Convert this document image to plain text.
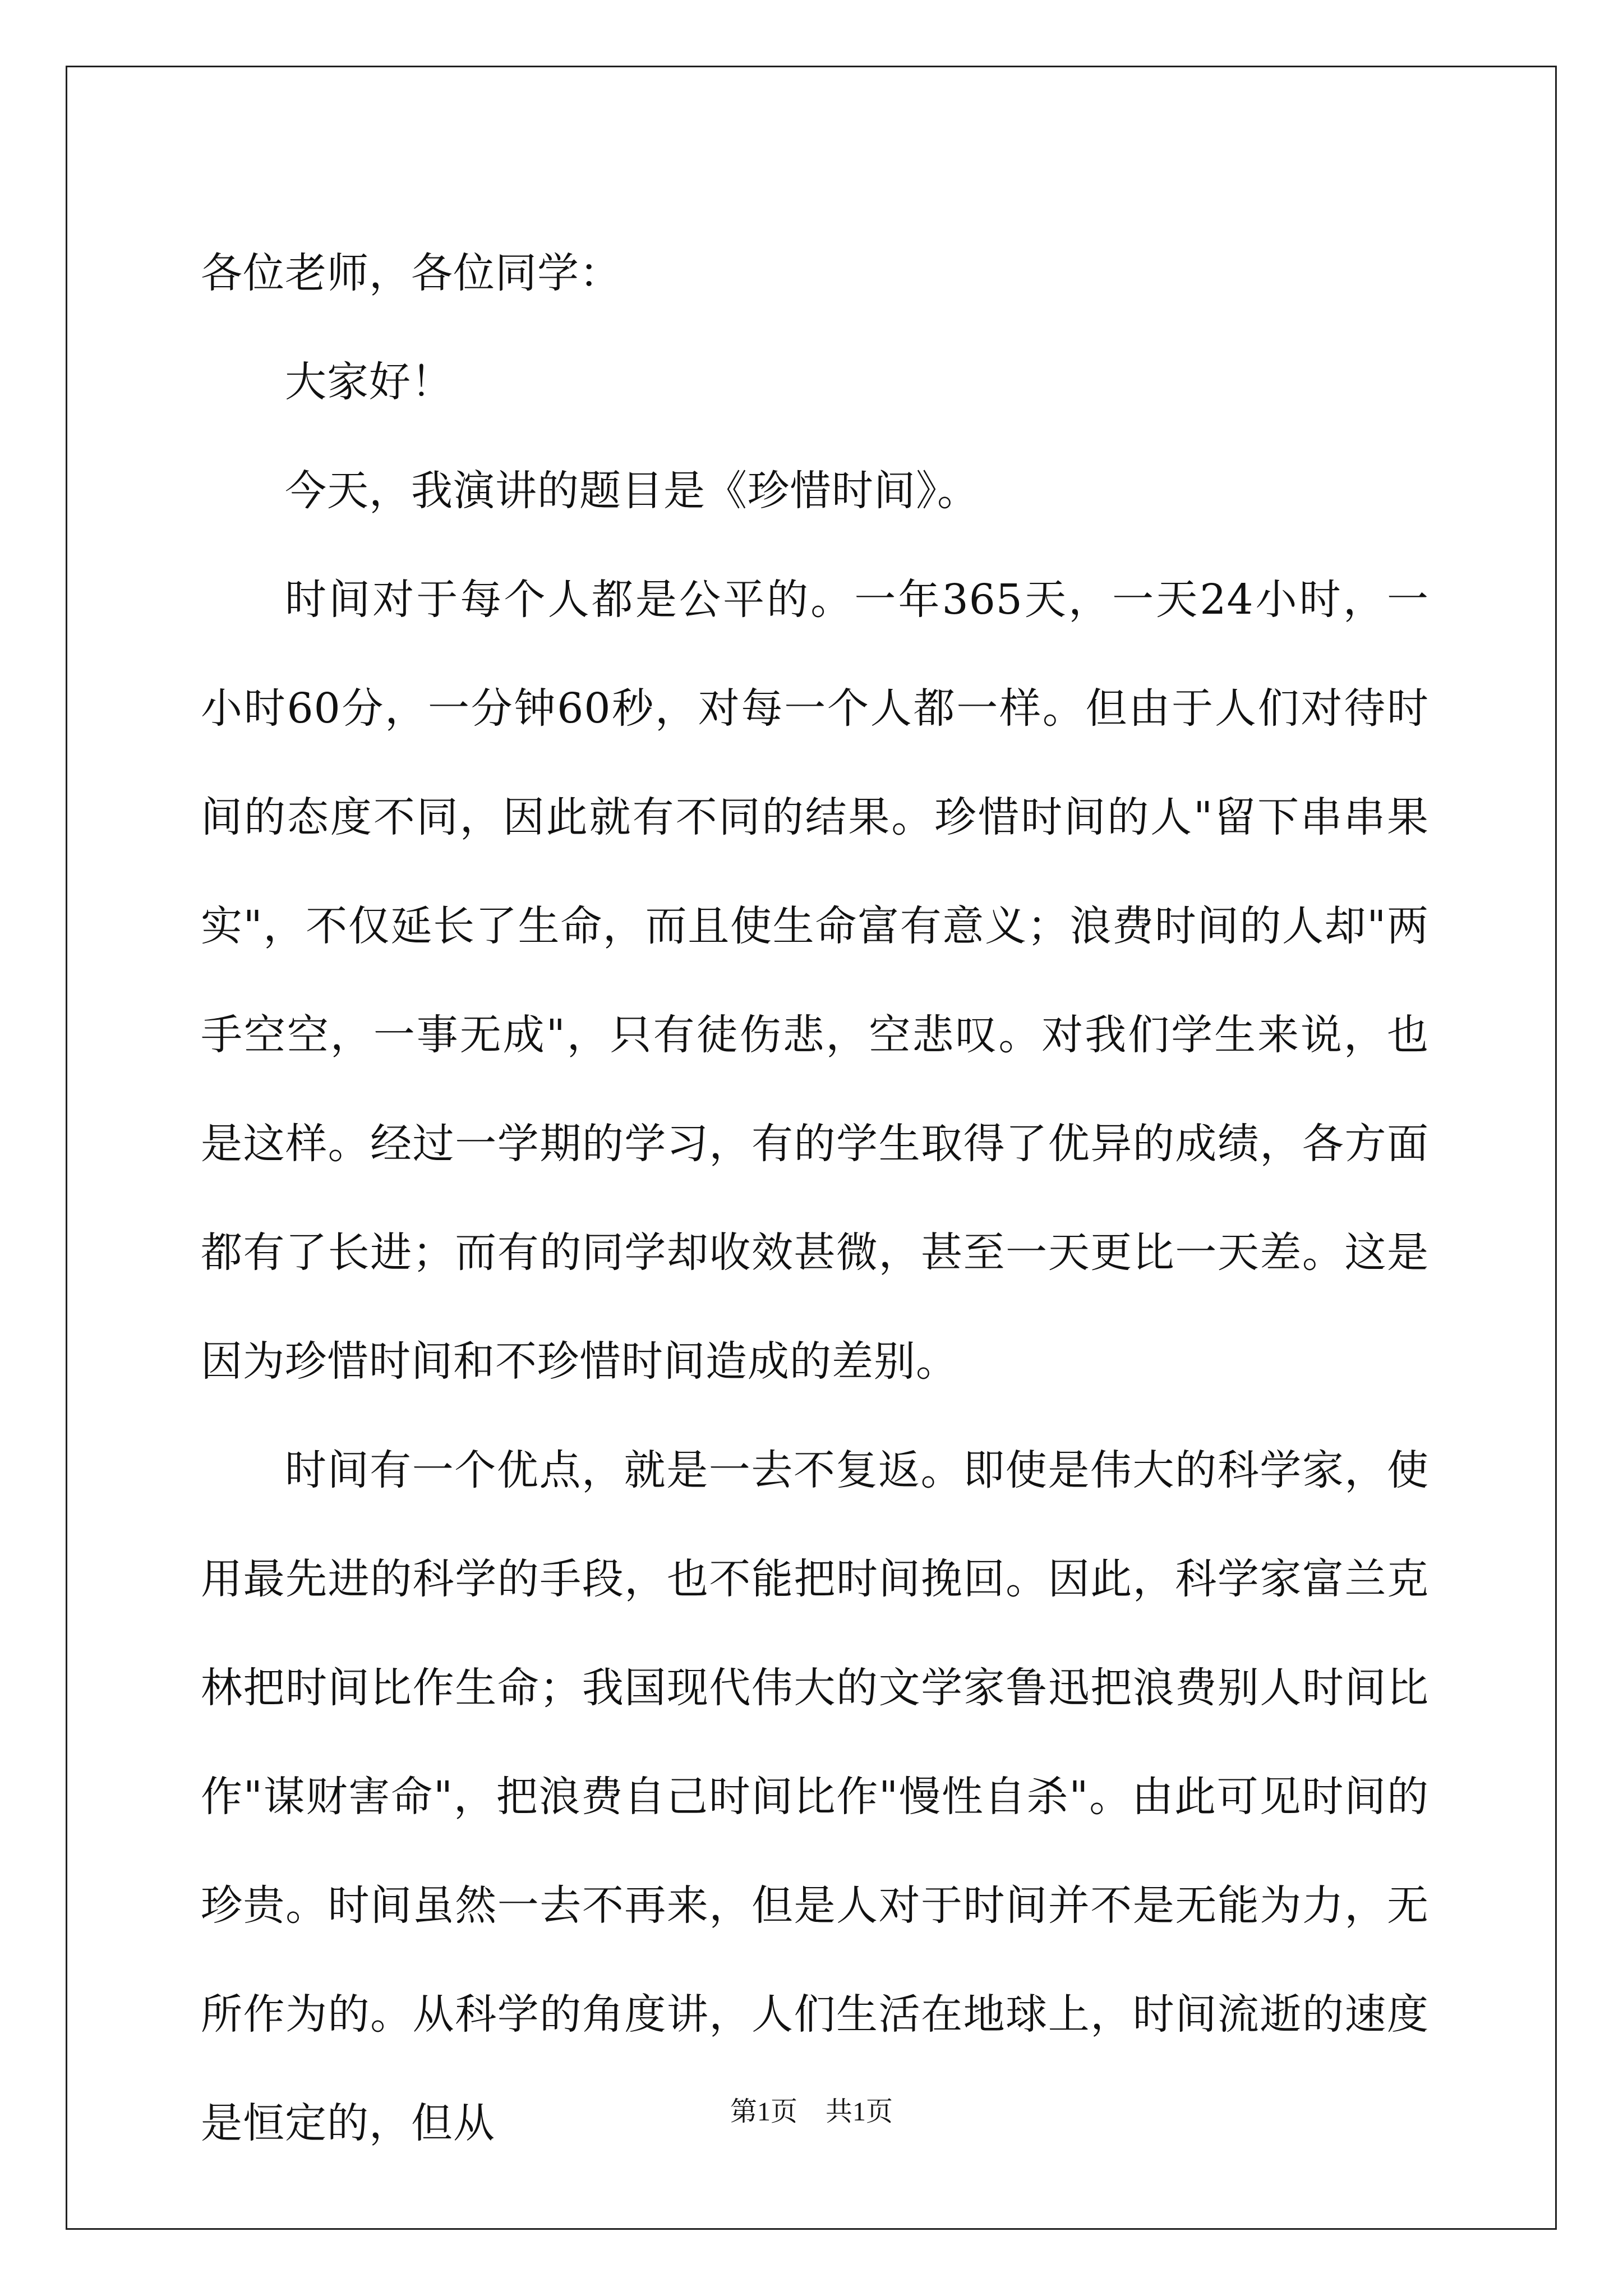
各位老师，各位同学：

大家好！

今天，我演讲的题目是《珍惜时间》。

时间对于每个人都是公平的。一年365天，一天24小时，一小时60分，一分钟60秒，对每一个人都一样。但由于人们对待时间的态度不同，因此就有不同的结果。珍惜时间的人"留下串串果实"，不仅延长了生命，而且使生命富有意义；浪费时间的人却"两手空空，一事无成"，只有徒伤悲，空悲叹。对我们学生来说，也是这样。经过一学期的学习，有的学生取得了优异的成绩，各方面都有了长进；而有的同学却收效甚微，甚至一天更比一天差。这是因为珍惜时间和不珍惜时间造成的差别。

时间有一个优点，就是一去不复返。即使是伟大的科学家，使用最先进的科学的手段，也不能把时间挽回。因此，科学家富兰克林把时间比作生命；我国现代伟大的文学家鲁迅把浪费别人时间比作"谋财害命"，把浪费自己时间比作"慢性自杀"。由此可见时间的珍贵。时间虽然一去不再来，但是人对于时间并不是无能为力，无所作为的。从科学的角度讲，人们生活在地球上，时间流逝的速度是恒定的，但从	第1页 共1页
